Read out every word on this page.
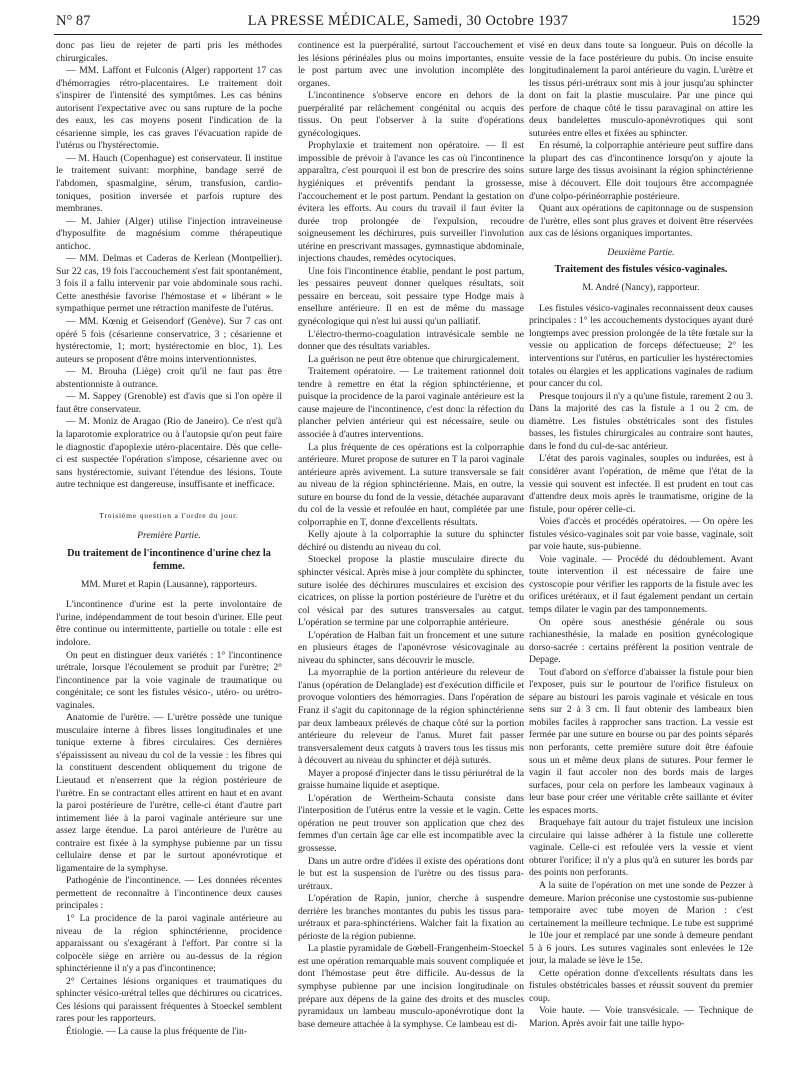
N° 87	LA PRESSE MÉDICALE, Samedi, 30 Octobre 1937	1529

donc pas lieu de rejeter de parti pris les méthodes chirurgicales.

— MM. Laffont et Fulconis (Alger) rapportent 17 cas d'hémorragies rétro-placentaires. Le traitement doit s'inspirer de l'intensité des symptômes. Les cas bénins autorisent l'expectative avec ou sans rupture de la poche des eaux, les cas moyens posent l'indication de la césarienne simple, les cas graves l'évacuation rapide de l'utérus ou l'hystérectomie.

— M. Hauch (Copenhague) est conservateur. Il institue le traitement suivant: morphine, bandage serré de l'abdomen, spasmalgine, sérum, transfusion, cardio-toniques, position inversée et parfois rupture des membranes.

— M. Jahier (Alger) utilise l'injection intraveineuse d'hyposulfite de magnésium comme thérapeutique antichoc.

— MM. Delmas et Caderas de Kerlean (Montpellier). Sur 22 cas, 19 fois l'accouchement s'est fait spontanément, 3 fois il a fallu intervenir par voie abdominale sous rachi. Cette anesthésie favorise l'hémostase et « libérant » le sympathique permet une rétraction manifeste de l'utérus.

— MM. Kœnig et Geisendorf (Genève). Sur 7 cas ont opéré 5 fois (césarienne conservatrice, 3 ; césarienne et hystérectomie, 1; mort; hystérectomie en bloc, 1). Les auteurs se proposent d'être moins interventionnistes.

— M. Brouha (Liège) croit qu'il ne faut pas être abstentionniste à outrance.

— M. Sappey (Grenoble) est d'avis que si l'on opère il faut être conservateur.

— M. Moniz de Aragao (Rio de Janeiro). Ce n'est qu'à la laparotomie exploratrice ou à l'autopsie qu'on peut faire le diagnostic d'apoplexie utéro-placentaire. Dès que celle-ci est suspectée l'opération s'impose, césarienne avec ou sans hystérectomie, suivant l'étendue des lésions. Toute autre technique est dangereuse, insuffisante et inefficace.

Troisième question a l'ordre du jour.

Première Partie.

Du traitement de l'incontinence d'urine chez la femme.

MM. Muret et Rapin (Lausanne), rapporteurs.

L'incontinence d'urine est la perte involontaire de l'urine, indépendamment de tout besoin d'uriner. Elle peut être continue ou intermittente, partielle ou totale : elle est indolore.

On peut en distinguer deux variétés : 1° l'incontinence urétrale, lorsque l'écoulement se produit par l'urètre; 2° l'incontinence par la voie vaginale de traumatique ou congénitale; ce sont les fistules vésico-, utéro- ou urétro-vaginales.

Anatomie de l'urètre. — L'urètre possède une tunique musculaire interne à fibres lisses longitudinales et une tunique externe à fibres circulaires. Ces dernières s'épaississent au niveau du col de la vessie : les fibres qui la constituent descendent obliquement du trigone de Lieutaud et n'enserrent que la région postérieure de l'urètre. En se contractant elles attirent en haut et en avant la paroi postérieure de l'urètre, celle-ci étant d'autre part intimement liée à la paroi vaginale antérieure sur une assez large étendue. La paroi antérieure de l'urètre au contraire est fixée à la symphyse pubienne par un tissu cellulaire dense et par le surtout aponévrotique et ligamentaire de la symphyse.

Pathogénie de l'incontinence. — Les données récentes permettent de reconnaître à l'incontinence deux causes principales :

1° La procidence de la paroi vaginale antérieure au niveau de la région sphinctérienne, procidence apparaissant ou s'exagérant à l'effort. Par contre si la colpocèle siège en arrière ou au-dessus de la région sphinctérienne il n'y a pas d'incontinence;

2° Certaines lésions organiques et traumatiques du sphincter vésico-urétral telles que déchirures ou cicatrices. Ces lésions qui paraissent fréquentes à Stoeckel semblent rares pour les rapporteurs.

Étiologie. — La cause la plus fréquente de l'in-

continence est la puerpéralité, surtout l'accouchement et les lésions périnéales plus ou moins importantes, ensuite le post partum avec une involution incomplète des organes.

L'incontinence s'observe encore en dehors de la puerpéralité par relâchement congénital ou acquis des tissus. On peut l'observer à la suite d'opérations gynécologiques.

Prophylaxie et traitement non opératoire. — Il est impossible de prévoir à l'avance les cas où l'incontinence apparaîtra, c'est pourquoi il est bon de prescrire des soins hygiéniques et préventifs pendant la grossesse, l'accouchement et le post partum. Pendant la gestation on évitera les efforts. Au cours du travail il faut éviter la durée trop prolongée de l'expulsion, recoudre soigneusement les déchirures, puis surveiller l'involution utérine en prescrivant massages, gymnastique abdominale, injections chaudes, remèdes ocytociques.

Une fois l'incontinence établie, pendant le post partum, les pessaires peuvent donner quelques résultats, soit pessaire en berceau, soit pessaire type Hodge mais à ensellure antérieure. Il en est de même du massage gynécologique qui n'est lui aussi qu'un palliatif.

L'électro-thermo-coagulation intravésicale semble ne donner que des résultats variables.

La guérison ne peut être obtenue que chirurgicalement.

Traitement opératoire. — Le traitement rationnel doit tendre à remettre en état la région sphinctérienne, et puisque la procidence de la paroi vaginale antérieure est la cause majeure de l'incontinence, c'est donc la réfection du plancher pelvien antérieur qui est nécessaire, seule ou associée à d'autres interventions.

La plus fréquente de ces opérations est la colporraphie antérieure. Muret propose de suturer en T la paroi vaginale antérieure après avivement. La suture transversale se fait au niveau de la région sphinctérienne. Mais, en outre, la suture en bourse du fond de la vessie, détachée auparavant du col de la vessie et refoulée en haut, complétée par une colporraphie en T, donne d'excellents résultats.

Kelly ajoute à la colporraphie la suture du sphincter déchiré ou distendu au niveau du col.

Stoeckel propose la plastie musculaire directe du sphincter vésical. Après mise à jour complète du sphincter, suture isolée des déchirures musculaires et excision des cicatrices, on plisse la portion postérieure de l'urètre et du col vésical par des sutures transversales au catgut. L'opération se termine par une colporraphie antérieure.

L'opération de Halban fait un froncement et une suture en plusieurs étages de l'aponévrose vésicovaginale au niveau du sphincter, sans découvrir le muscle.

La myorraphie de la portion antérieure du releveur de l'anus (opération de Delanglade) est d'exécution difficile et provoque volontiers des hémorragies. Dans l'opération de Franz il s'agit du capitonnage de la région sphinctérienne par deux lambeaux prélevés de chaque côté sur la portion antérieure du releveur de l'anus. Muret fait passer transversalement deux catguts à travers tous les tissus mis à découvert au niveau du sphincter et déjà suturés.

Mayer a proposé d'injecter dans le tissu périurétral de la graisse humaine liquide et aseptique.

L'opération de Wertheim-Schauta consiste dans l'interposition de l'utérus entre la vessie et le vagin. Cette opération ne peut trouver son application que chez des femmes d'un certain âge car elle est incompatible avec la grossesse.

Dans un autre ordre d'idées il existe des opérations dont le but est la suspension de l'urètre ou des tissus para-urétraux.

L'opération de Rapin, junior, cherche à suspendre derrière les branches montantes du pubis les tissus para-urétraux et para-sphinctériens. Walcher fait la fixation au périoste de la région pubienne.

La plastie pyramidale de Gœbell-Frangenheim-Stoeckel est une opération remarquable mais souvent compliquée et dont l'hémostase peut être difficile. Au-dessus de la symphyse pubienne par une incision longitudinale on prépare aux dépens de la gaine des droits et des muscles pyramidaux un lambeau musculo-aponévrotique dont la base demeure attachée à la symphyse. Ce lambeau est di-

visé en deux dans toute sa longueur. Puis on décolle la vessie de la face postérieure du pubis. On incise ensuite longitudinalement la paroi antérieure du vagin. L'urètre et les tissus péri-urétraux sont mis à jour jusqu'au sphincter dont on fait la plastie musculaire. Par une pince qui perfore de chaque côté le tissu paravaginal on attire les deux bandelettes musculo-aponévrotiques qui sont suturées entre elles et fixées au sphincter.

En résumé, la colporraphie antérieure peut suffire dans la plupart des cas d'incontinence lorsqu'on y ajoute la suture large des tissus avoisinant la région sphinctérienne mise à découvert. Elle doit toujours être accompagnée d'une colpo-périnéorraphie postérieure.

Quant aux opérations de capitonnage ou de suspension de l'urètre, elles sont plus graves et doivent être réservées aux cas de lésions organiques importantes.

Deuxième Partie.

Traitement des fistules vésico-vaginales.

M. André (Nancy), rapporteur.

Les fistules vésico-vaginales reconnaissent deux causes principales : 1° les accouchements dystociques ayant duré longtemps avec pression prolongée de la tête fœtale sur la vessie ou application de forceps défectueuse; 2° les interventions sur l'utérus, en particulier les hystérectomies totales ou élargies et les applications vaginales de radium pour cancer du col.

Presque toujours il n'y a qu'une fistule, rarement 2 ou 3. Dans la majorité des cas la fistule a 1 ou 2 cm. de diamètre. Les fistules obstétricales sont des fistules basses, les fistules chirurgicales au contraire sont hautes, dans le fond du cul-de-sac antérieur.

L'état des parois vaginales, souples ou indurées, est à considérer avant l'opération, de même que l'état de la vessie qui souvent est infectée. Il est prudent en tout cas d'attendre deux mois après le traumatisme, origine de la fistule, pour opérer celle-ci.

Voies d'accès et procédés opératoires. — On opère les fistules vésico-vaginales soit par voie basse, vaginale, soit par voie haute, sus-pubienne.

Voie vaginale. — Procédé du dédoublement. Avant toute intervention il est nécessaire de faire une cystoscopie pour vérifier les rapports de la fistule avec les orifices urétéraux, et il faut également pendant un certain temps dilater le vagin par des tamponnements.

On opère sous anesthésie générale ou sous rachianesthésie, la malade en position gynécologique dorso-sacrée : certains préfèrent la position ventrale de Depage.

Tout d'abord on s'efforce d'abaisser la fistule pour bien l'exposer, puis sur le pourtour de l'orifice fistuleux on sépare au bistouri les parois vaginale et vésicale en tous sens sur 2 à 3 cm. Il faut obtenir des lambeaux bien mobiles faciles à rapprocher sans traction. La vessie est fermée par une suture en bourse ou par des points séparés non perforants, cette première suture doit être éafouie sous un et même deux plans de sutures. Pour fermer le vagin il faut accoler non des bords mais de larges surfaces, pour cela on perfore les lambeaux vaginaux à leur base pour créer une véritable crête saillante et éviter les espaces morts.

Braquehaye fait autour du trajet fistuleux une incision circulaire qui laisse adhérer à la fistule une collerette vaginale. Celle-ci est refoulée vers la vessie et vient obturer l'orifice; il n'y a plus qu'à en suturer les bords par des points non perforants.

A la suite de l'opération on met une sonde de Pezzer à demeure. Marion préconise une cystostomie sus-pubienne temporaire avec tube moyen de Marion : c'est certainement la meilleure technique. Le tube est supprimé le 10e jour et remplacé par une sonde à demeure pendant 5 à 6 jours. Les sutures vaginales sont enlevées le 12e jour, la malade se lève le 15e.

Cette opération donne d'excellents résultats dans les fistules obstétricales basses et réussit souvent du premier coup.

Voie haute. — Voie transvésicale. — Technique de Marion. Après avoir fait une taille hypo-
